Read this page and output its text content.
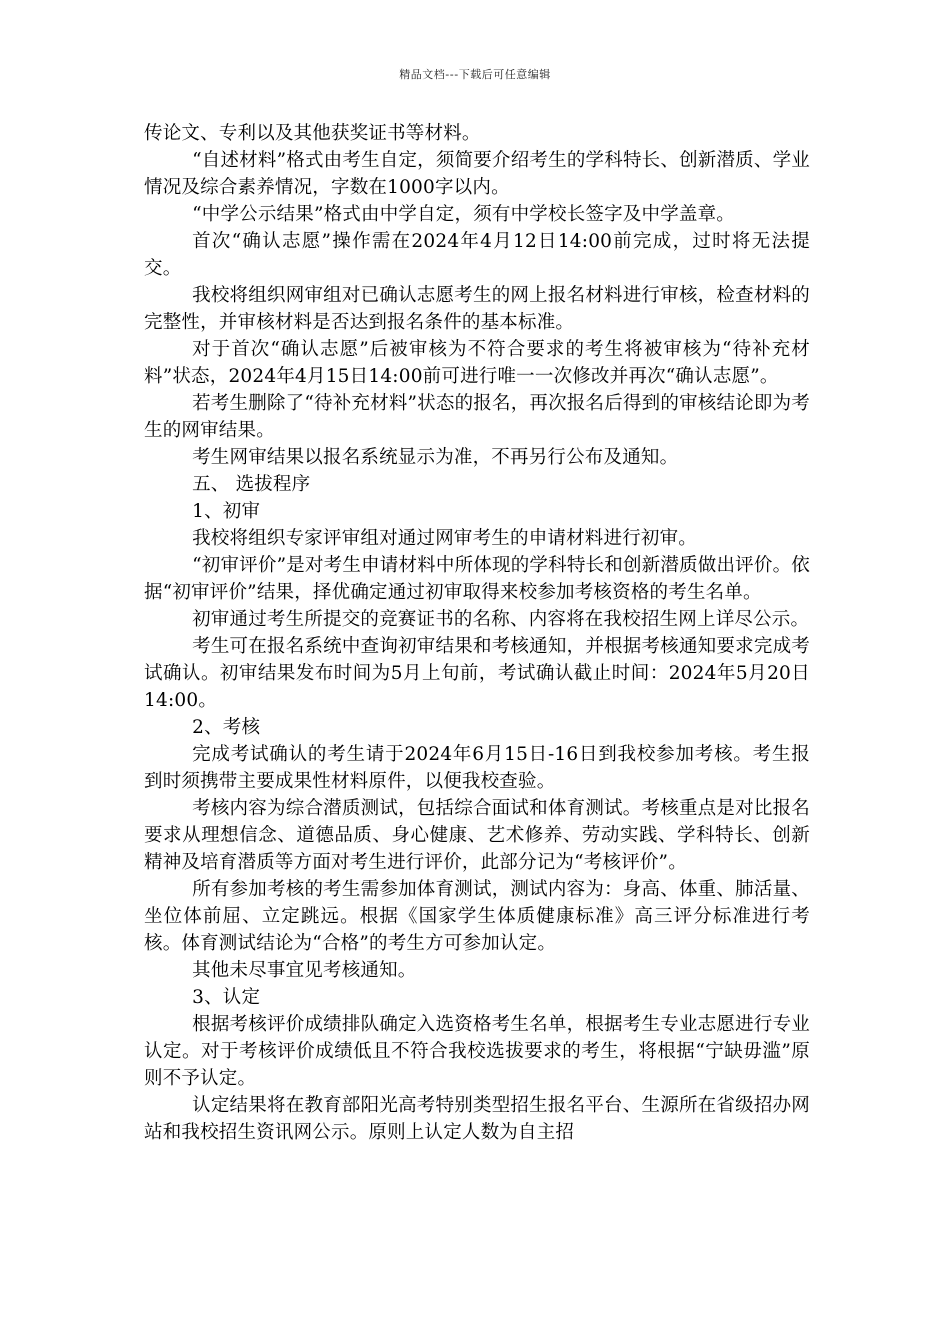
精品文档---下载后可任意编辑

传论文、专利以及其他获奖证书等材料。

“自述材料”格式由考生自定，须简要介绍考生的学科特长、创新潜质、学业情况及综合素养情况，字数在1000字以内。

“中学公示结果”格式由中学自定，须有中学校长签字及中学盖章。

首次“确认志愿”操作需在2024年4月12日14:00前完成，过时将无法提交。

我校将组织网审组对已确认志愿考生的网上报名材料进行审核，检查材料的完整性，并审核材料是否达到报名条件的基本标准。

对于首次“确认志愿”后被审核为不符合要求的考生将被审核为“待补充材料”状态，2024年4月15日14:00前可进行唯一一次修改并再次“确认志愿”。

若考生删除了“待补充材料”状态的报名，再次报名后得到的审核结论即为考生的网审结果。

考生网审结果以报名系统显示为准，不再另行公布及通知。

五、 选拔程序

1、初审

我校将组织专家评审组对通过网审考生的申请材料进行初审。

“初审评价”是对考生申请材料中所体现的学科特长和创新潜质做出评价。依据“初审评价”结果，择优确定通过初审取得来校参加考核资格的考生名单。

初审通过考生所提交的竞赛证书的名称、内容将在我校招生网上详尽公示。

考生可在报名系统中查询初审结果和考核通知，并根据考核通知要求完成考试确认。初审结果发布时间为5月上旬前，考试确认截止时间：2024年5月20日14:00。

2、考核

完成考试确认的考生请于2024年6月15日-16日到我校参加考核。考生报到时须携带主要成果性材料原件，以便我校查验。

考核内容为综合潜质测试，包括综合面试和体育测试。考核重点是对比报名要求从理想信念、道德品质、身心健康、艺术修养、劳动实践、学科特长、创新精神及培育潜质等方面对考生进行评价，此部分记为“考核评价”。

所有参加考核的考生需参加体育测试，测试内容为：身高、体重、肺活量、坐位体前屈、立定跳远。根据《国家学生体质健康标准》高三评分标准进行考核。体育测试结论为“合格”的考生方可参加认定。

其他未尽事宜见考核通知。

3、认定

根据考核评价成绩排队确定入选资格考生名单，根据考生专业志愿进行专业认定。对于考核评价成绩低且不符合我校选拔要求的考生，将根据“宁缺毋滥”原则不予认定。

认定结果将在教育部阳光高考特别类型招生报名平台、生源所在省级招办网站和我校招生资讯网公示。原则上认定人数为自主招
